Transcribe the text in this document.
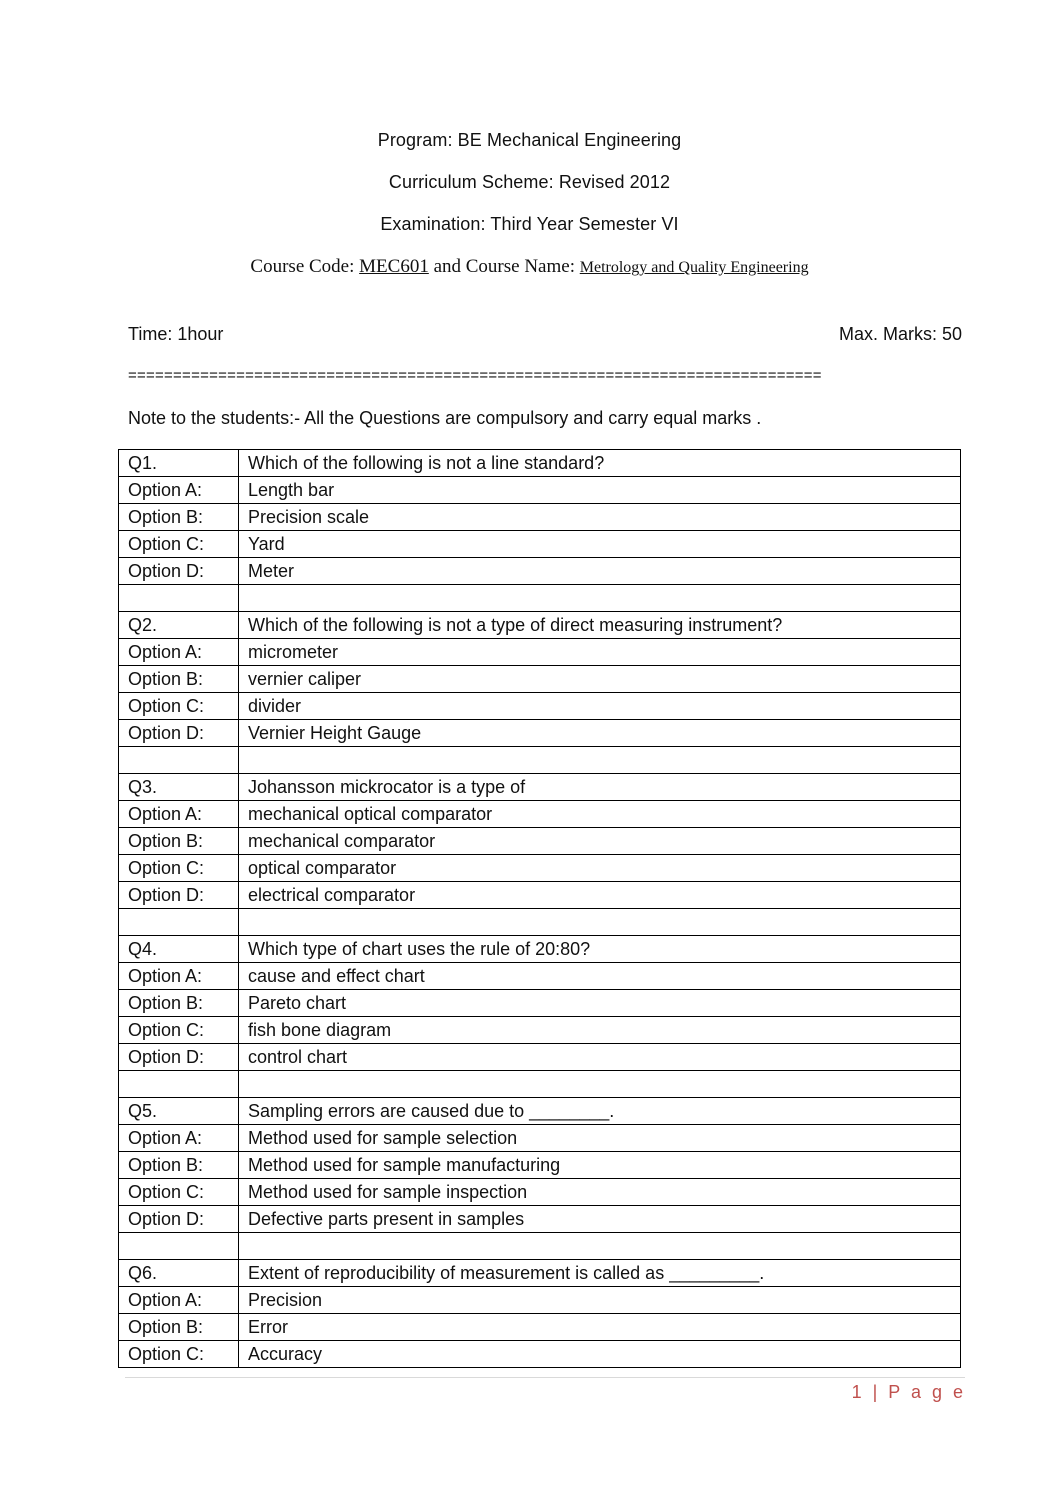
Program: BE Mechanical Engineering
Curriculum Scheme: Revised 2012
Examination: Third Year Semester VI
Course Code: MEC601 and Course Name: Metrology and Quality Engineering
Time: 1hour	Max. Marks: 50
=============================================================================
Note to the students:- All the Questions are compulsory and carry equal marks .
Q1.	Which of the following is not a line standard?
Option A:	Length bar
Option B:	Precision scale
Option C:	Yard
Option D:	Meter

Q2.	Which of the following is not a type of direct measuring instrument?
Option A:	micrometer
Option B:	vernier caliper
Option C:	divider
Option D:	Vernier Height Gauge

Q3.	Johansson mickrocator is a type of
Option A:	mechanical optical comparator
Option B:	mechanical comparator
Option C:	optical comparator
Option D:	electrical comparator

Q4.	Which type of chart uses the rule of 20:80?
Option A:	cause and effect chart
Option B:	Pareto chart
Option C:	fish bone diagram
Option D:	control chart

Q5.	Sampling errors are caused due to ________.
Option A:	Method used for sample selection
Option B:	Method used for sample manufacturing
Option C:	Method used for sample inspection
Option D:	Defective parts present in samples

Q6.	Extent of reproducibility of measurement is called as _________.
Option A:	Precision
Option B:	Error
Option C:	Accuracy
1 | P a g e
